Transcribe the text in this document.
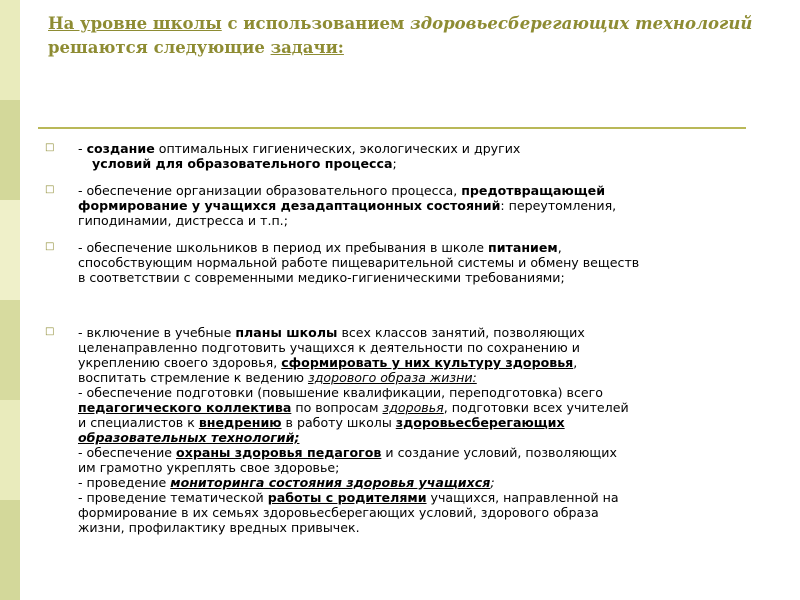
На уровне школы с использованием здоровьесберегающих технологий
решаются следующие задачи:
□ - создание оптимальных гигиенических, экологических и других
условий для образовательного процесса;
□ - обеспечение организации образовательного процесса, предотвращающей
формирование у учащихся дезадаптационных состояний: переутомления,
гиподинамии, дистресса и т.п.;
□ - обеспечение школьников в период их пребывания в школе питанием,
способствующим нормальной работе пищеварительной системы и обмену веществ
в соответствии с современными медико-гигиеническими требованиями;
□ - включение в учебные планы школы всех классов занятий, позволяющих
целенаправленно подготовить учащихся к деятельности по сохранению и
укреплению своего здоровья, сформировать у них культуру здоровья,
воспитать стремление к ведению здорового образа жизни:
- обеспечение подготовки (повышение квалификации, переподготовка) всего
педагогического коллектива по вопросам здоровья, подготовки всех учителей
и специалистов к внедрению в работу школы здоровьесберегающих
образовательных технологий;
- обеспечение охраны здоровья педагогов и создание условий, позволяющих
им грамотно укреплять свое здоровье;
- проведение мониторинга состояния здоровья учащихся;
- проведение тематической работы с родителями учащихся, направленной на
формирование в их семьях здоровьесберегающих условий, здорового образа
жизни, профилактику вредных привычек.
